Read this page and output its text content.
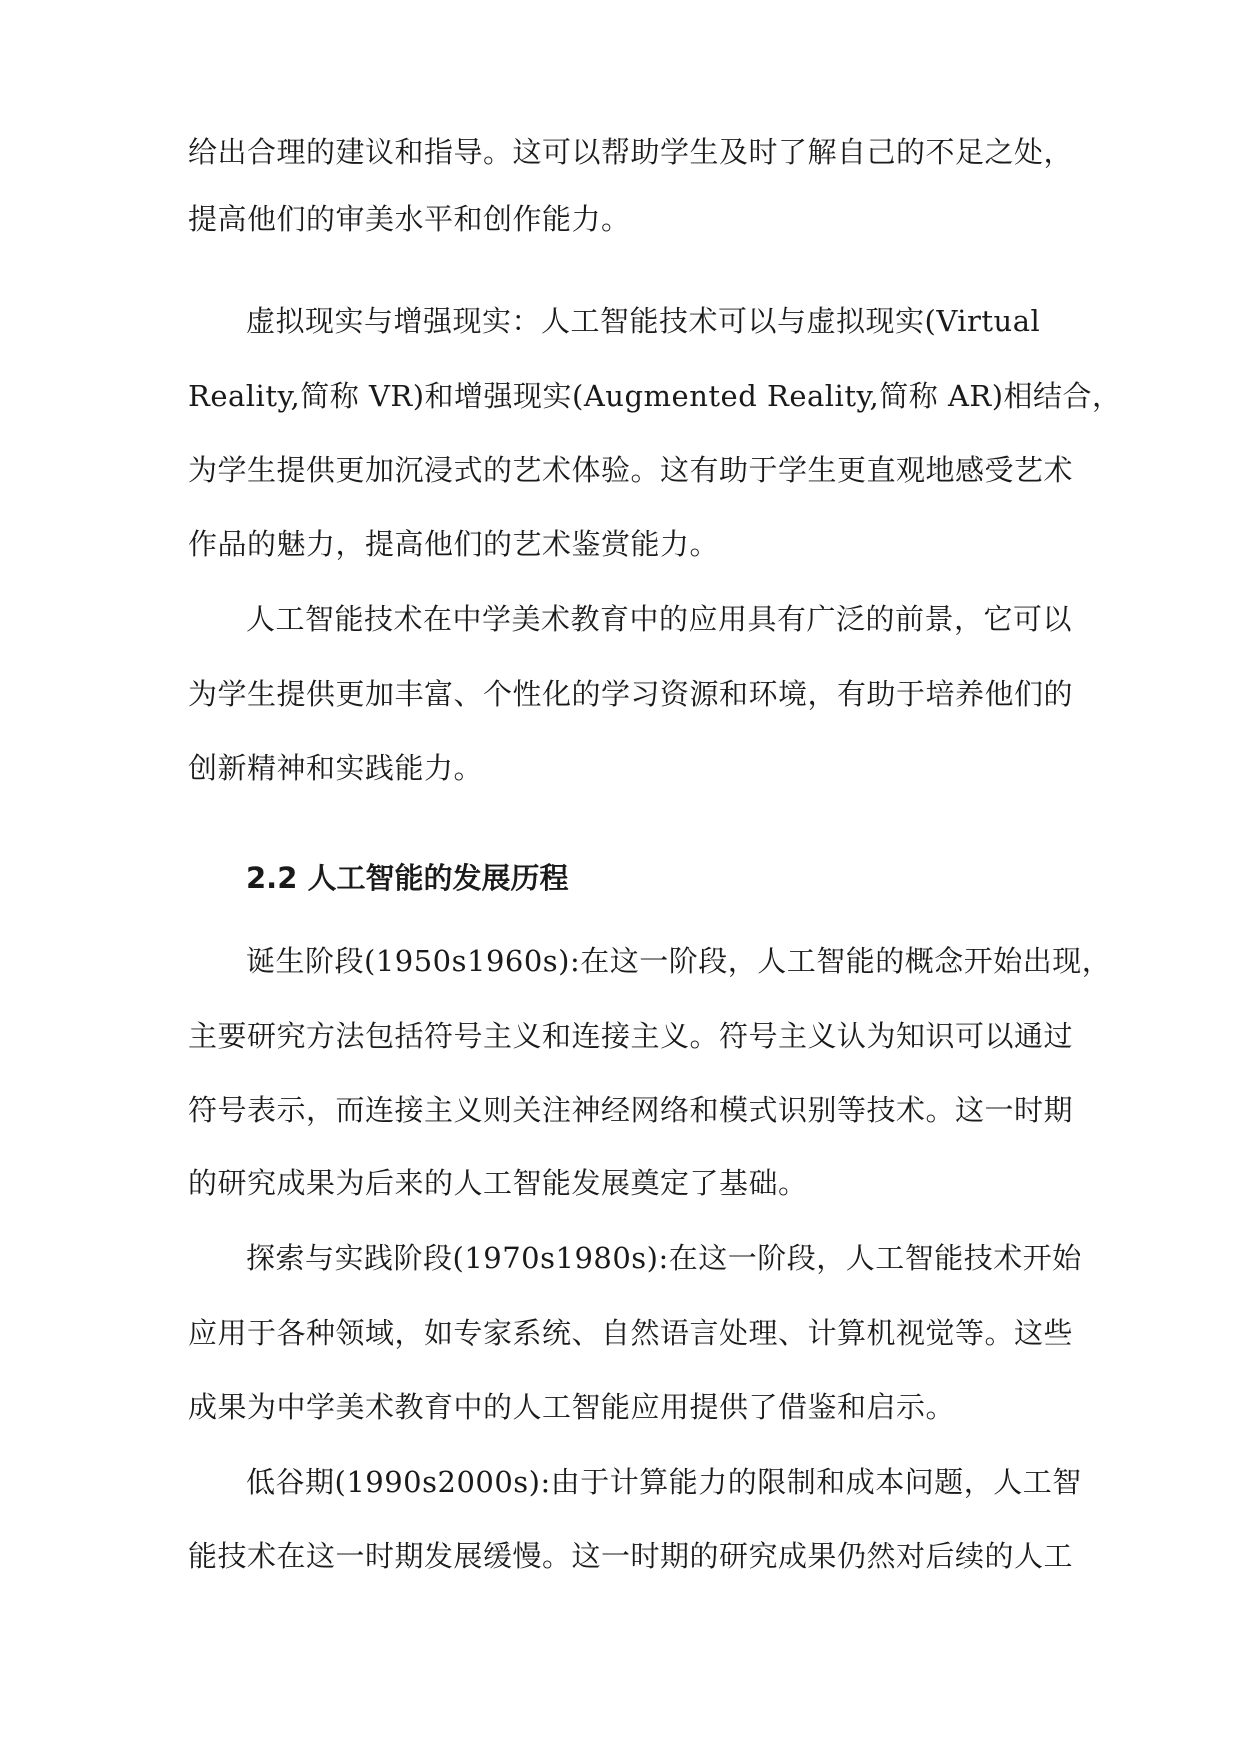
给出合理的建议和指导。这可以帮助学生及时了解自己的不足之处，
提高他们的审美水平和创作能力。
虚拟现实与增强现实：人工智能技术可以与虚拟现实(Virtual
Reality,简称 VR)和增强现实(Augmented Reality,简称 AR)相结合，
为学生提供更加沉浸式的艺术体验。这有助于学生更直观地感受艺术
作品的魅力，提高他们的艺术鉴赏能力。
人工智能技术在中学美术教育中的应用具有广泛的前景，它可以
为学生提供更加丰富、个性化的学习资源和环境，有助于培养他们的
创新精神和实践能力。
2.2 人工智能的发展历程
诞生阶段(1950s1960s):在这一阶段，人工智能的概念开始出现，
主要研究方法包括符号主义和连接主义。符号主义认为知识可以通过
符号表示，而连接主义则关注神经网络和模式识别等技术。这一时期
的研究成果为后来的人工智能发展奠定了基础。
探索与实践阶段(1970s1980s):在这一阶段，人工智能技术开始
应用于各种领域，如专家系统、自然语言处理、计算机视觉等。这些
成果为中学美术教育中的人工智能应用提供了借鉴和启示。
低谷期(1990s2000s):由于计算能力的限制和成本问题，人工智
能技术在这一时期发展缓慢。这一时期的研究成果仍然对后续的人工
